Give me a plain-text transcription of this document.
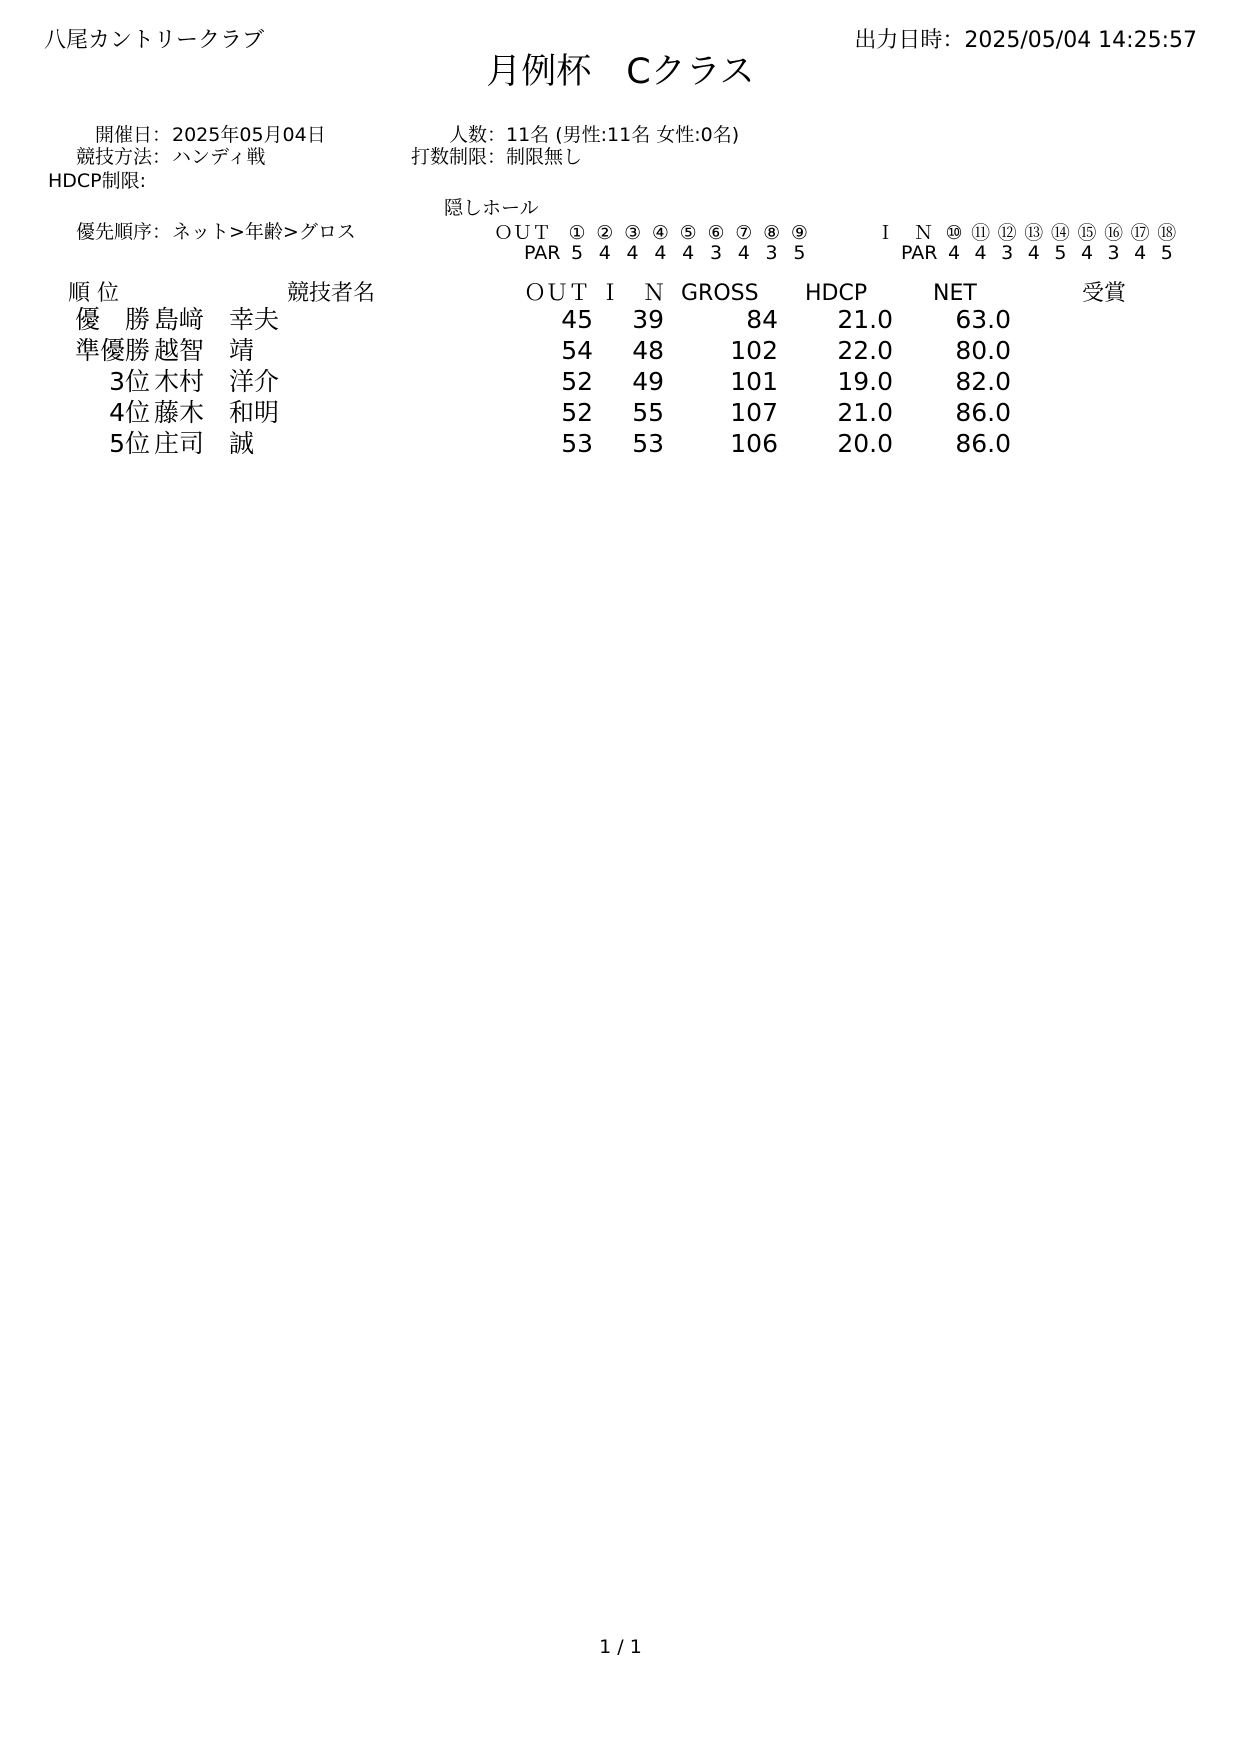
八尾カントリークラブ	出力日時：2025/05/04 14:25:57
月例杯　Cクラス
開催日： 2025年05月04日	人数： 11名 (男性:11名 女性:0名)
競技方法： ハンディ戦	打数制限： 制限無し
HDCP制限:
隠しホール
優先順序： ネット>年齢>グロス	ＯＵＴ
PAR
① ② ③ ④ ⑤ ⑥ ⑦ ⑧ ⑨
5 4 4 4 4 3 4 3 5
Ｉ　Ｎ
PAR
⑩ ⑪ ⑫ ⑬ ⑭ ⑮ ⑯ ⑰ ⑱
4 4 3 4 5 4 3 4 5
順 位	競技者名	ＯＵＴ Ｉ　Ｎ GROSS HDCP	NET	受賞
優　勝 島﨑　幸夫	45 39	84 21.0 63.0
準優勝 越智　靖	54 48	102 22.0 80.0
3位 木村　洋介	52 49	101 19.0 82.0
4位 藤木　和明	52 55	107 21.0 86.0
5位 庄司　誠	53 53	106 20.0 86.0
1 / 1
